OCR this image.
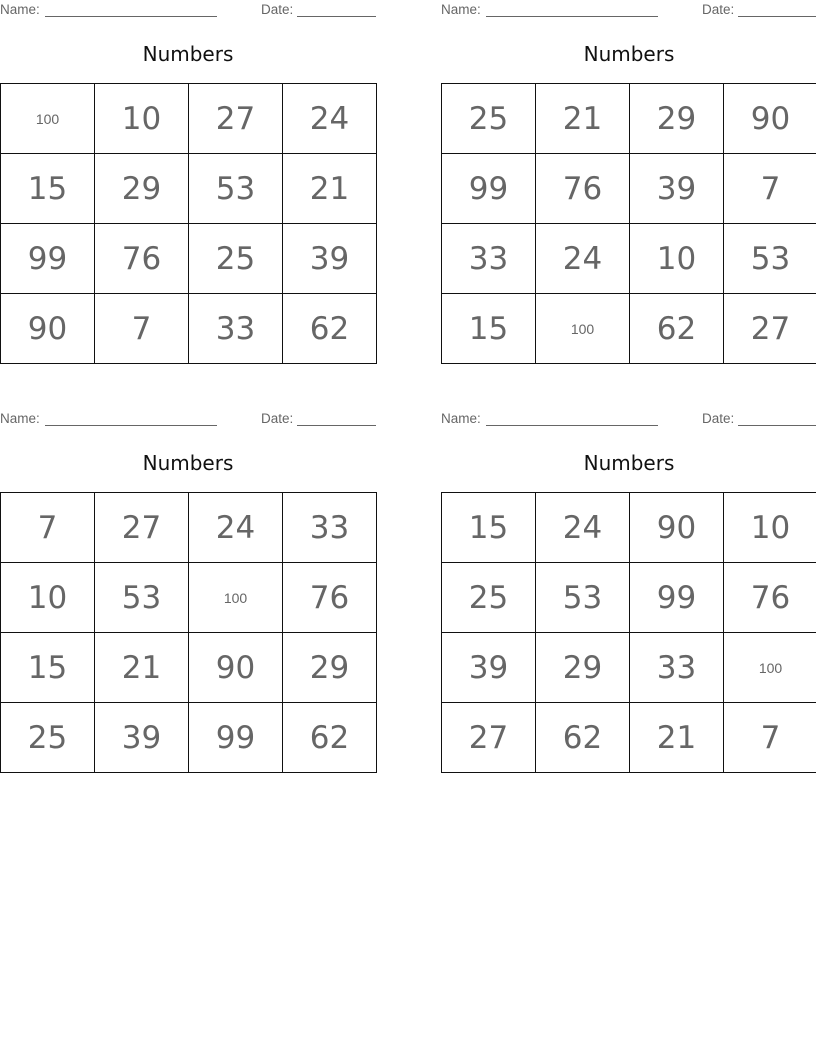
Name:	Date:
Numbers
100	10	27	24
15	29	53	21
99	76	25	39
90	7	33	62
Name:	Date:
Numbers
25	21	29	90
99	76	39	7
33	24	10	53
15	100	62	27
Name:	Date:
Numbers
7	27	24	33
10	53	100	76
15	21	90	29
25	39	99	62
Name:	Date:
Numbers
15	24	90	10
25	53	99	76
39	29	33	100
27	62	21	7
